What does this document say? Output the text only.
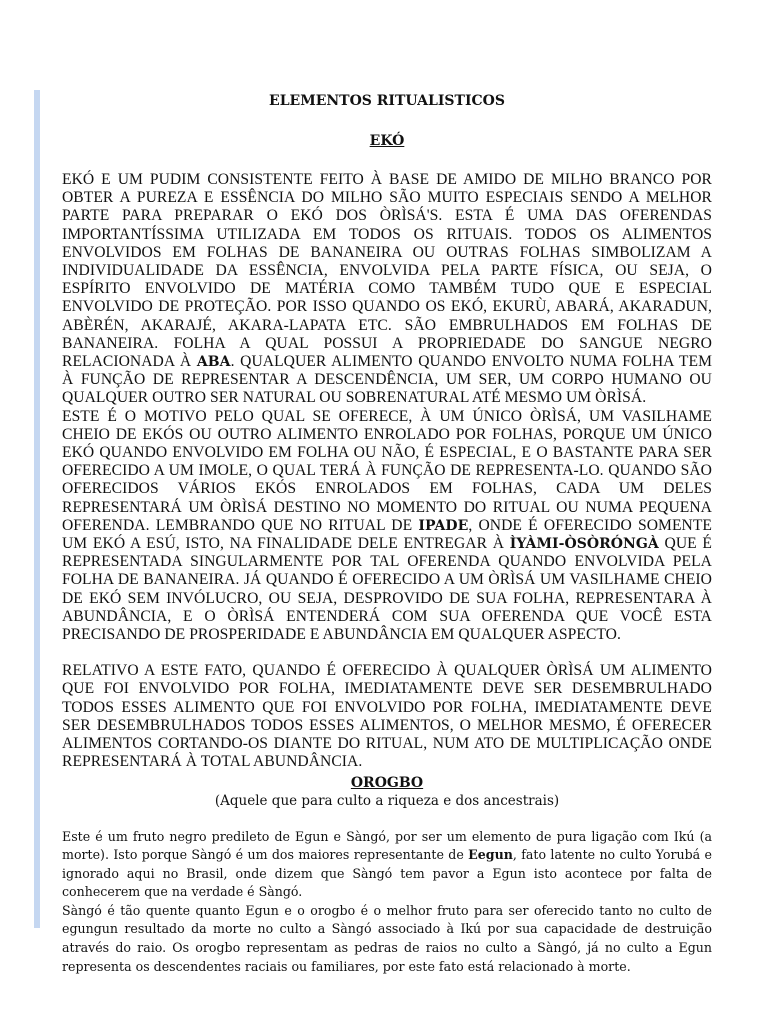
ELEMENTOS RITUALISTICOS
EKÓ

EKÓ E UM PUDIM CONSISTENTE FEITO À BASE DE AMIDO DE MILHO BRANCO POR OBTER A PUREZA E ESSÊNCIA DO MILHO SÃO MUITO ESPECIAIS SENDO A MELHOR PARTE PARA PREPARAR O EKÓ DOS ÒRÌSÁ'S. ESTA É UMA DAS OFERENDAS IMPORTANTÍSSIMA UTILIZADA EM TODOS OS RITUAIS. TODOS OS ALIMENTOS ENVOLVIDOS EM FOLHAS DE BANANEIRA OU OUTRAS FOLHAS SIMBOLIZAM A INDIVIDUALIDADE DA ESSÊNCIA, ENVOLVIDA PELA PARTE FÍSICA, OU SEJA, O ESPÍRITO ENVOLVIDO DE MATÉRIA COMO TAMBÉM TUDO QUE E ESPECIAL ENVOLVIDO DE PROTEÇÃO. POR ISSO QUANDO OS EKÓ, EKURÙ, ABARÁ, AKARADUN, ABÈRÉN, AKARAJÉ, AKARA-LAPATA ETC. SÃO EMBRULHADOS EM FOLHAS DE BANANEIRA. FOLHA A QUAL POSSUI A PROPRIEDADE DO SANGUE NEGRO RELACIONADA À ABA. QUALQUER ALIMENTO QUANDO ENVOLTO NUMA FOLHA TEM À FUNÇÃO DE REPRESENTAR A DESCENDÊNCIA, UM SER, UM CORPO HUMANO OU QUALQUER OUTRO SER NATURAL OU SOBRENATURAL ATÉ MESMO UM ÒRÌSÁ.

ESTE É O MOTIVO PELO QUAL SE OFERECE, À UM ÚNICO ÒRÌSÁ, UM VASILHAME CHEIO DE EKÓS OU OUTRO ALIMENTO ENROLADO POR FOLHAS, PORQUE UM ÚNICO EKÓ QUANDO ENVOLVIDO EM FOLHA OU NÃO, É ESPECIAL, E O BASTANTE PARA SER OFERECIDO A UM IMOLE, O QUAL TERÁ À FUNÇÃO DE REPRESENTA-LO. QUANDO SÃO OFERECIDOS VÁRIOS EKÓS ENROLADOS EM FOLHAS, CADA UM DELES REPRESENTARÁ UM ÒRÌSÁ DESTINO NO MOMENTO DO RITUAL OU NUMA PEQUENA OFERENDA. LEMBRANDO QUE NO RITUAL DE IPADE, ONDE É OFERECIDO SOMENTE UM EKÓ A ESÚ, ISTO, NA FINALIDADE DELE ENTREGAR À ÌYÀMI-ÒSÒRÓNGÀ QUE É REPRESENTADA SINGULARMENTE POR TAL OFERENDA QUANDO ENVOLVIDA PELA FOLHA DE BANANEIRA. JÁ QUANDO É OFERECIDO A UM ÒRÌSÁ UM VASILHAME CHEIO DE EKÓ SEM INVÓLUCRO, OU SEJA, DESPROVIDO DE SUA FOLHA, REPRESENTARA À ABUNDÂNCIA, E O ÒRÌSÁ ENTENDERÁ COM SUA OFERENDA QUE VOCÊ ESTA PRECISANDO DE PROSPERIDADE E ABUNDÂNCIA EM QUALQUER ASPECTO.

RELATIVO A ESTE FATO, QUANDO É OFERECIDO À QUALQUER ÒRÌSÁ UM ALIMENTO QUE FOI ENVOLVIDO POR FOLHA, IMEDIATAMENTE DEVE SER DESEMBRULHADO TODOS ESSES ALIMENTO QUE FOI ENVOLVIDO POR FOLHA, IMEDIATAMENTE DEVE SER DESEMBRULHADOS TODOS ESSES ALIMENTOS, O MELHOR MESMO, É OFERECER ALIMENTOS CORTANDO-OS DIANTE DO RITUAL, NUM ATO DE MULTIPLICAÇÃO ONDE REPRESENTARÁ À TOTAL ABUNDÂNCIA.

OROGBO
(Aquele que para culto a riqueza e dos ancestrais)

Este é um fruto negro predileto de Egun e Sàngó, por ser um elemento de pura ligação com Ikú (a morte). Isto porque Sàngó é um dos maiores representante de Eegun, fato latente no culto Yorubá e ignorado aqui no Brasil, onde dizem que Sàngó tem pavor a Egun isto acontece por falta de conhecerem que na verdade é Sàngó.

Sàngó é tão quente quanto Egun e o orogbo é o melhor fruto para ser oferecido tanto no culto de egungun resultado da morte no culto a Sàngó associado à Ikú por sua capacidade de destruição através do raio. Os orogbo representam as pedras de raios no culto a Sàngó, já no culto a Egun representa os descendentes raciais ou familiares, por este fato está relacionado à morte.
